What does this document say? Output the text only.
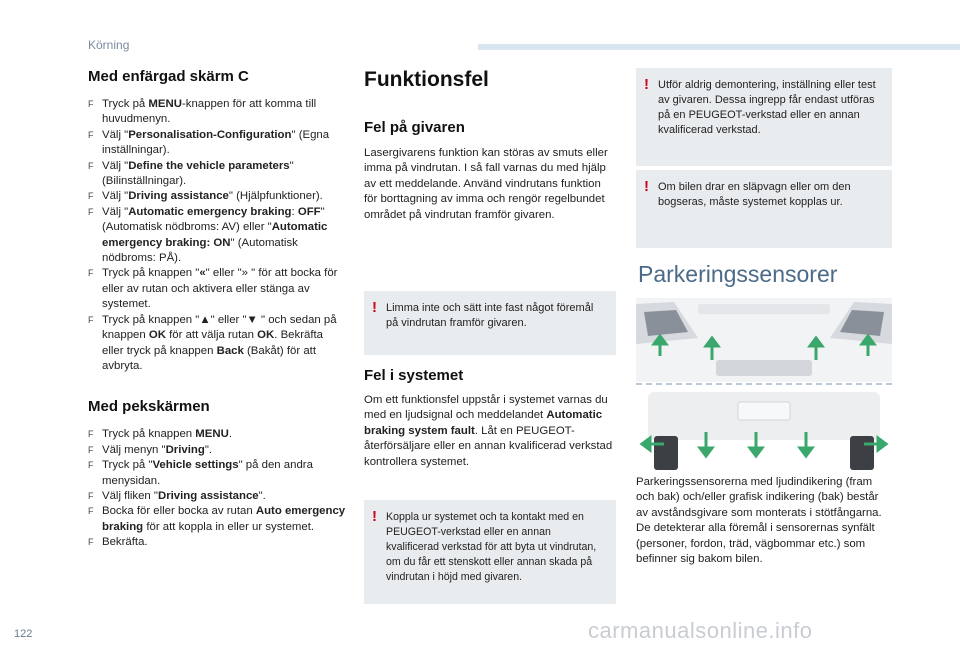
Körning
Med enfärgad skärm C
F Tryck på MENU-knappen för att komma till huvudmenyn.
F Välj "Personalisation-Configuration" (Egna inställningar).
F Välj "Define the vehicle parameters" (Bilinställningar).
F Välj "Driving assistance" (Hjälpfunktioner).
F Välj "Automatic emergency braking: OFF" (Automatisk nödbroms: AV) eller "Automatic emergency braking: ON" (Automatisk nödbroms: PÅ).
F Tryck på knappen "«" eller "» " för att bocka för eller av rutan och aktivera eller stänga av systemet.
F Tryck på knappen "▲" eller "▼ " och sedan på knappen OK för att välja rutan OK. Bekräfta eller tryck på knappen Back (Bakåt) för att avbryta.
Med pekskärmen
F Tryck på knappen MENU.
F Välj menyn "Driving".
F Tryck på "Vehicle settings" på den andra menysidan.
F Välj fliken "Driving assistance".
F Bocka för eller bocka av rutan Auto emergency braking för att koppla in eller ur systemet.
F Bekräfta.
Funktionsfel
Fel på givaren

Lasergivarens funktion kan störas av smuts eller imma på vindrutan. I så fall varnas du med hjälp av ett meddelande. Använd vindrutans funktion för borttagning av imma och rengör regelbundet området på vindrutan framför givaren.

! Limma inte och sätt inte fast något föremål på vindrutan framför givaren.
Fel i systemet

Om ett funktionsfel uppstår i systemet varnas du med en ljudsignal och meddelandet Automatic braking system fault. Låt en PEUGEOT-återförsäljare eller en annan kvalificerad verkstad kontrollera systemet.

! Koppla ur systemet och ta kontakt med en PEUGEOT-verkstad eller en annan kvalificerad verkstad för att byta ut vindrutan, om du får ett stenskott eller annan skada på vindrutan i höjd med givaren.
! Utför aldrig demontering, inställning eller test av givaren. Dessa ingrepp får endast utföras på en PEUGEOT-verkstad eller en annan kvalificerad verkstad.
! Om bilen drar en släpvagn eller om den bogseras, måste systemet kopplas ur.
Parkeringssensorer

Parkeringssensorerna med ljudindikering (fram och bak) och/eller grafisk indikering (bak) består av avståndsgivare som monterats i stötfångarna. De detekterar alla föremål i sensorernas synfält (personer, fordon, träd, vägbommar etc.) som befinner sig bakom bilen.

122	carmanualsonline.info
